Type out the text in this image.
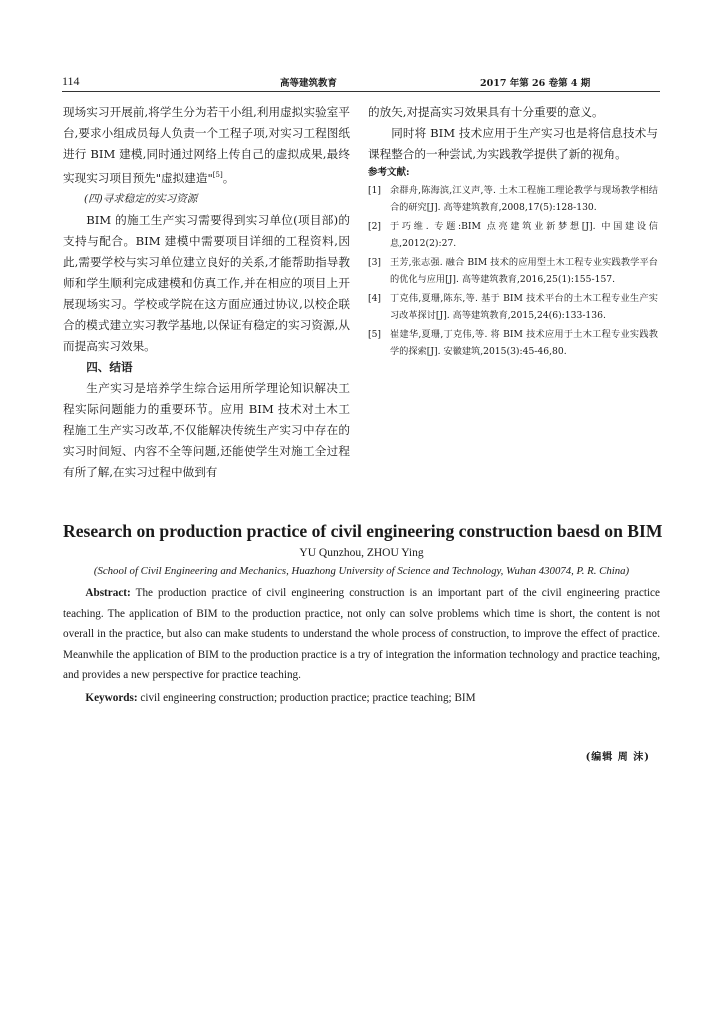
114	高等建筑教育	2017 年第 26 卷第 4 期

现场实习开展前,将学生分为若干小组,利用虚拟实验室平台,要求小组成员每人负责一个工程子项,对实习工程图纸进行 BIM 建模,同时通过网络上传自己的虚拟成果,最终实现实习项目预先"虚拟建造"[5]。

(四)寻求稳定的实习资源

BIM 的施工生产实习需要得到实习单位(项目部)的支持与配合。BIM 建模中需要项目详细的工程资料,因此,需要学校与实习单位建立良好的关系,才能帮助指导教师和学生顺利完成建模和仿真工作,并在相应的项目上开展现场实习。学校或学院在这方面应通过协议,以校企联合的模式建立实习教学基地,以保证有稳定的实习资源,从而提高实习效果。

四、结语

生产实习是培养学生综合运用所学理论知识解决工程实际问题能力的重要环节。应用 BIM 技术对土木工程施工生产实习改革,不仅能解决传统生产实习中存在的实习时间短、内容不全等问题,还能使学生对施工全过程有所了解,在实习过程中做到有

的放矢,对提高实习效果具有十分重要的意义。

同时将 BIM 技术应用于生产实习也是将信息技术与课程整合的一种尝试,为实践教学提供了新的视角。

参考文献:

[1] 余群舟,陈海滨,江义声,等. 土木工程施工理论教学与现场教学相结合的研究[J]. 高等建筑教育,2008,17(5):128-130.
[2] 于巧维. 专题:BIM 点亮建筑业新梦想[J]. 中国建设信息,2012(2):27.
[3] 王芳,张志强. 融合 BIM 技术的应用型土木工程专业实践教学平台的优化与应用[J]. 高等建筑教育,2016,25(1):155-157.
[4] 丁克伟,夏珊,陈东,等. 基于 BIM 技术平台的土木工程专业生产实习改革探讨[J]. 高等建筑教育,2015,24(6):133-136.
[5] 崔建华,夏珊,丁克伟,等. 将 BIM 技术应用于土木工程专业实践教学的探索[J]. 安徽建筑,2015(3):45-46,80.
Research on production practice of civil engineering construction baesd on BIM
YU Qunzhou, ZHOU Ying
(School of Civil Engineering and Mechanics, Huazhong University of Science and Technology, Wuhan 430074, P. R. China)

Abstract: The production practice of civil engineering construction is an important part of the civil engineering practice teaching. The application of BIM to the production practice, not only can solve problems which time is short, the content is not overall in the practice, but also can make students to understand the whole process of construction, to improve the effect of practice. Meanwhile the application of BIM to the production practice is a try of integration the information technology and practice teaching, and provides a new perspective for practice teaching.

Keywords: civil engineering construction; production practice; practice teaching; BIM

(编辑 周 沫)
